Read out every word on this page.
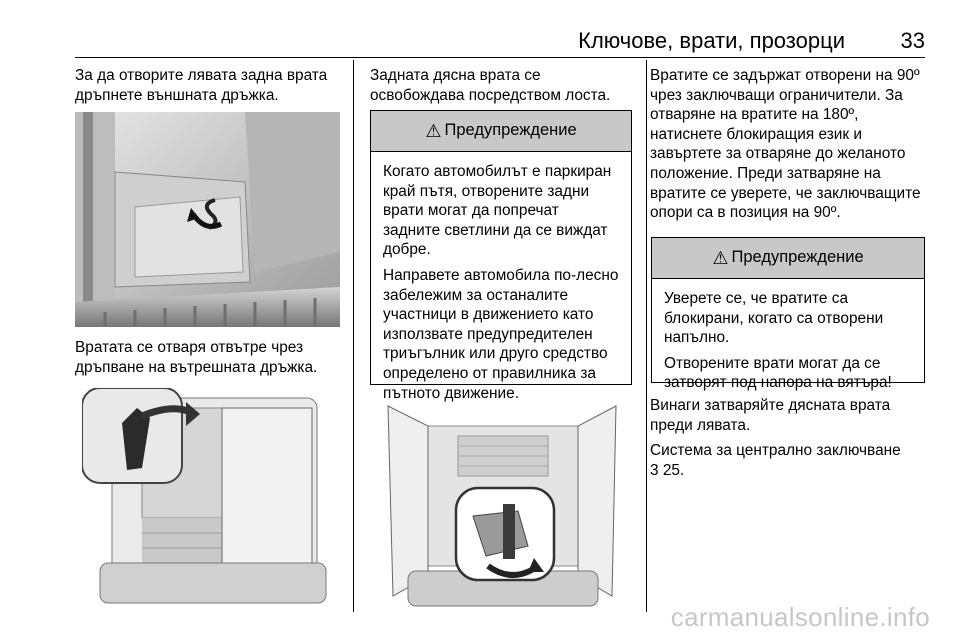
Ключове, врати, прозорци	33

За да отворите лявата задна врата дръпнете външната дръжка.

Вратата се отваря отвътре чрез дръпване на вътрешната дръжка.

Задната дясна врата се освобождава посредством лоста.

⚠ Предупреждение

Когато автомобилът е паркиран край пътя, отворените задни врати могат да попречат задните светлини да се виждат добре.

Направете автомобила по-лесно забележим за останалите участници в движението като използвате предупредителен триъгълник или друго средство определено от правилника за пътното движение.

Вратите се задържат отворени на 90º чрез заключващи ограничители. За отваряне на вратите на 180º, натиснете блокиращия език и завъртете за отваряне до желаното положение. Преди затваряне на вратите се уверете, че заключващите опори са в позиция на 90º.

⚠ Предупреждение

Уверете се, че вратите са блокирани, когато са отворени напълно.

Отворените врати могат да се затворят под напора на вятъра!

Винаги затваряйте дясната врата преди лявата.

Система за централно заключване
3 25.

carmanualsonline.info
